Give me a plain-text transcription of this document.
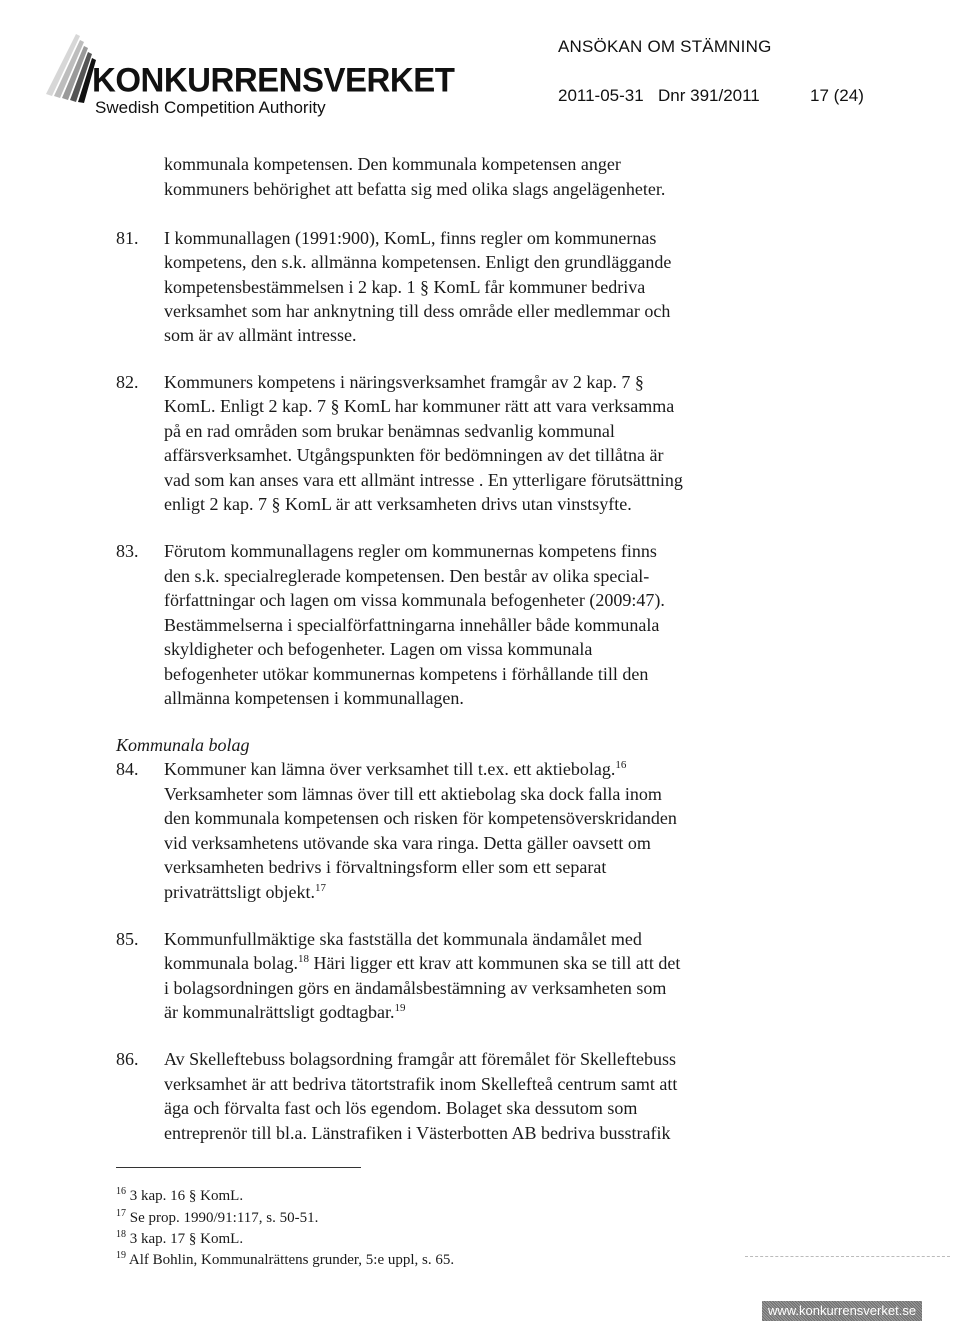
KONKURRENSVERKET
Swedish Competition Authority
ANSÖKAN OM STÄMNING
2011-05-31 Dnr 391/2011	17 (24)
kommunala kompetensen. Den kommunala kompetensen anger
kommuners behörighet att befatta sig med olika slags angelägenheter.
81. I kommunallagen (1991:900), KomL, finns regler om kommunernas
kompetens, den s.k. allmänna kompetensen. Enligt den grundläggande
kompetensbestämmelsen i 2 kap. 1 § KomL får kommuner bedriva
verksamhet som har anknytning till dess område eller medlemmar och
som är av allmänt intresse.
82. Kommuners kompetens i näringsverksamhet framgår av 2 kap. 7 §
KomL. Enligt 2 kap. 7 § KomL har kommuner rätt att vara verksamma
på en rad områden som brukar benämnas sedvanlig kommunal
affärsverksamhet. Utgångspunkten för bedömningen av det tillåtna är
vad som kan anses vara ett allmänt intresse . En ytterligare förutsättning
enligt 2 kap. 7 § KomL är att verksamheten drivs utan vinstsyfte.
83. Förutom kommunallagens regler om kommunernas kompetens finns
den s.k. specialreglerade kompetensen. Den består av olika special-
författningar och lagen om vissa kommunala befogenheter (2009:47).
Bestämmelserna i specialförfattningarna innehåller både kommunala
skyldigheter och befogenheter. Lagen om vissa kommunala
befogenheter utökar kommunernas kompetens i förhållande till den
allmänna kompetensen i kommunallagen.
Kommunala bolag
84. Kommuner kan lämna över verksamhet till t.ex. ett aktiebolag.$^{16}$
Verksamheter som lämnas över till ett aktiebolag ska dock falla inom
den kommunala kompetensen och risken för kompetensöverskridanden
vid verksamhetens utövande ska vara ringa. Detta gäller oavsett om
verksamheten bedrivs i förvaltningsform eller som ett separat
privaträttsligt objekt.$^{17}$
85. Kommunfullmäktige ska fastställa det kommunala ändamålet med
kommunala bolag.$^{18}$ Häri ligger ett krav att kommunen ska se till att det
i bolagsordningen görs en ändamålsbestämning av verksamheten som
är kommunalrättsligt godtagbar.$^{19}$
86. Av Skelleftebuss bolagsordning framgår att föremålet för Skelleftebuss
verksamhet är att bedriva tätortstrafik inom Skellefteå centrum samt att
äga och förvalta fast och lös egendom. Bolaget ska dessutom som
entreprenör till bl.a. Länstrafiken i Västerbotten AB bedriva busstrafik
$^{16}$ 3 kap. 16 § KomL.
$^{17}$ Se prop. 1990/91:117, s. 50-51.
$^{18}$ 3 kap. 17 § KomL.
$^{19}$ Alf Bohlin, Kommunalrättens grunder, 5:e uppl, s. 65.
www.konkurrensverket.se
